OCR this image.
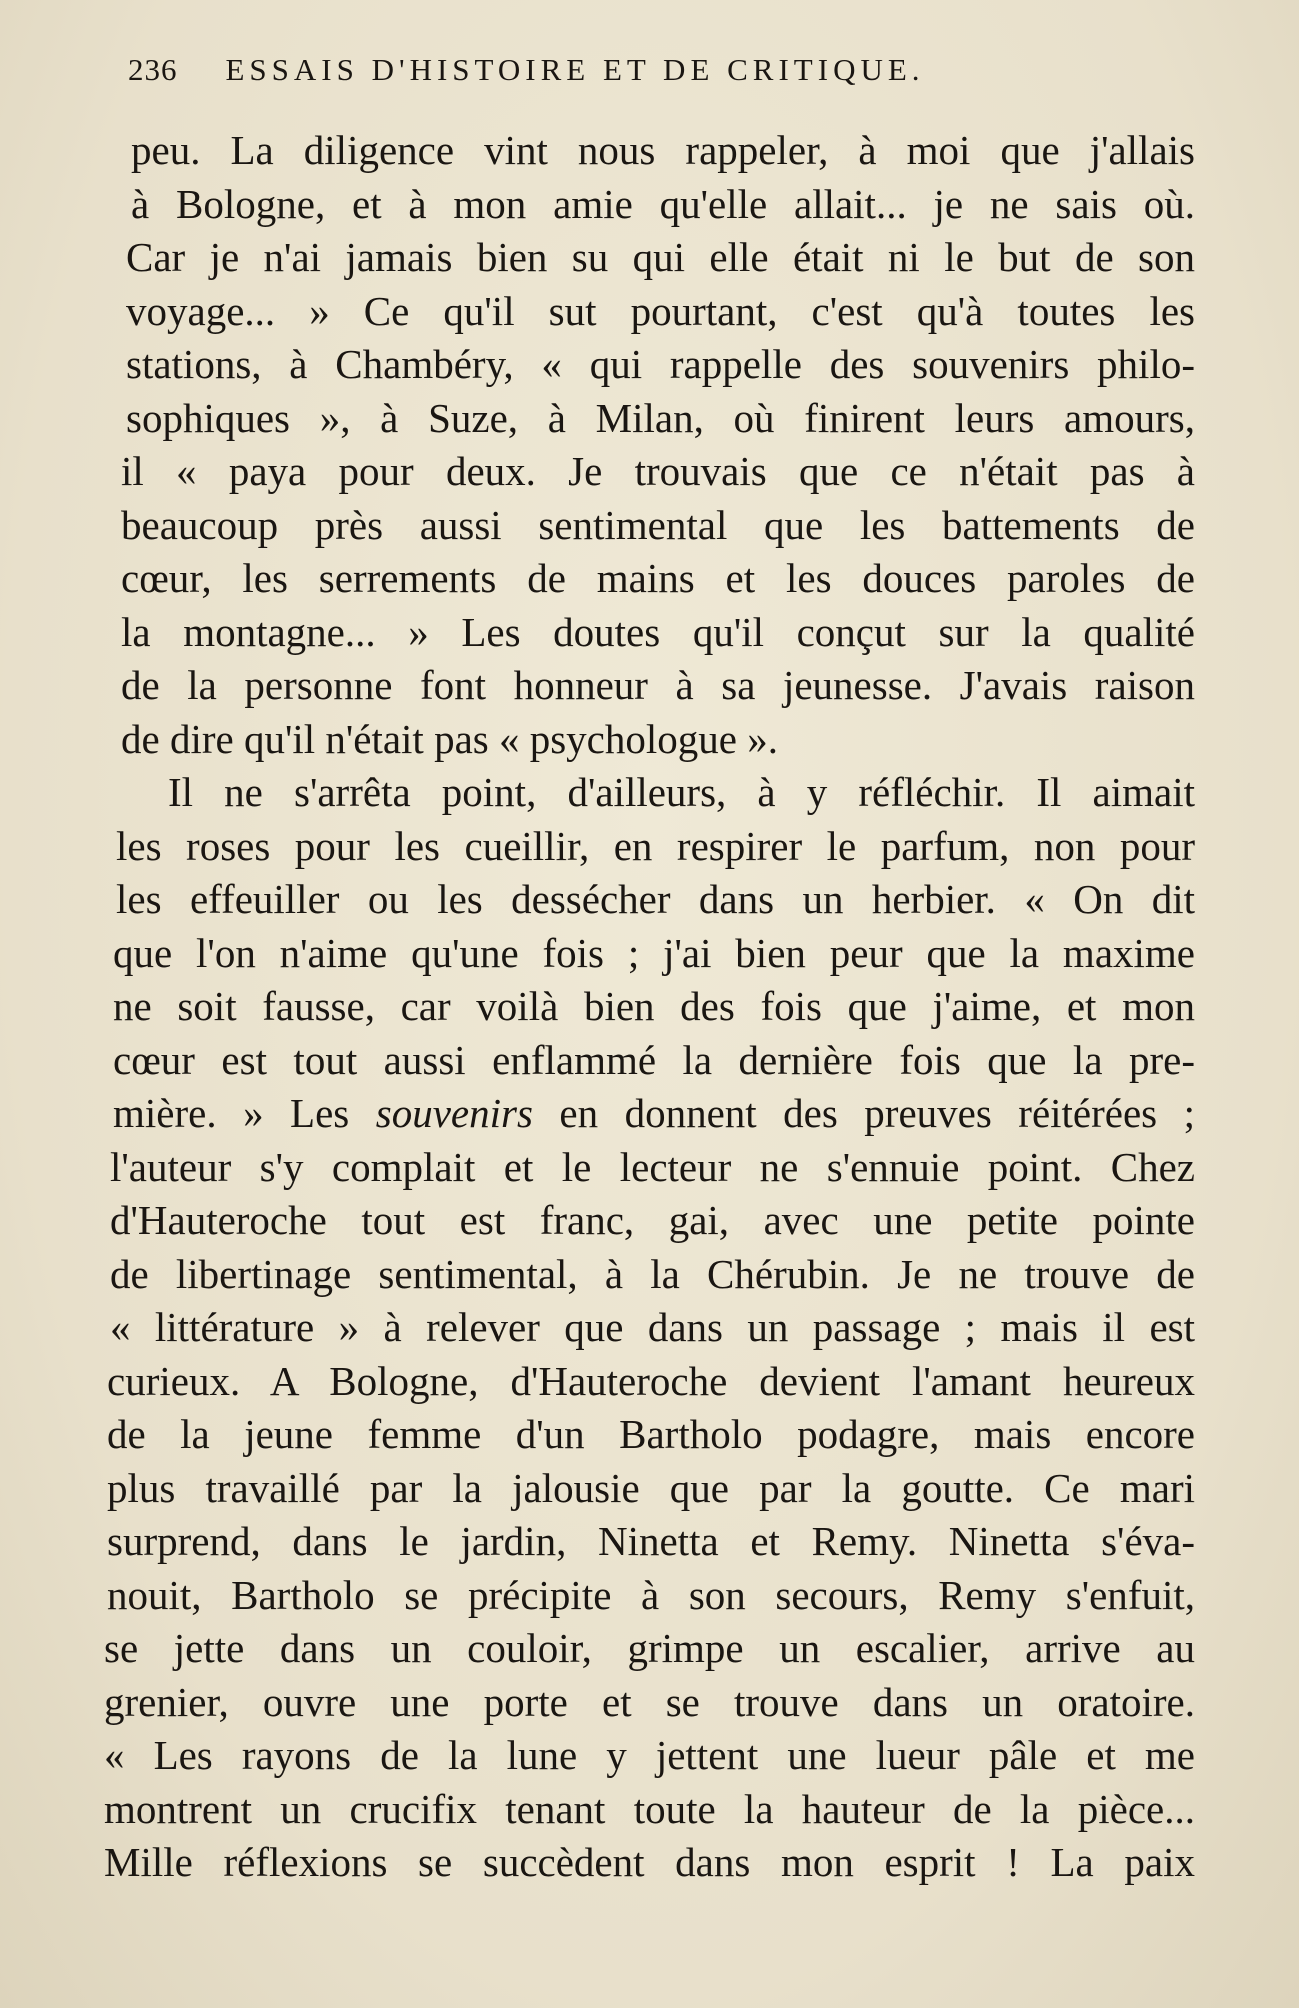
236 ESSAIS D'HISTOIRE ET DE CRITIQUE.
peu. La diligence vint nous rappeler, à moi que j'allais
à Bologne, et à mon amie qu'elle allait... je ne sais où.
Car je n'ai jamais bien su qui elle était ni le but de son
voyage... » Ce qu'il sut pourtant, c'est qu'à toutes les
stations, à Chambéry, « qui rappelle des souvenirs philo-
sophiques », à Suze, à Milan, où finirent leurs amours,
il « paya pour deux. Je trouvais que ce n'était pas à
beaucoup près aussi sentimental que les battements de
cœur, les serrements de mains et les douces paroles de
la montagne... » Les doutes qu'il conçut sur la qualité
de la personne font honneur à sa jeunesse. J'avais raison
de dire qu'il n'était pas « psychologue ».
Il ne s'arrêta point, d'ailleurs, à y réfléchir. Il aimait
les roses pour les cueillir, en respirer le parfum, non pour
les effeuiller ou les dessécher dans un herbier. « On dit
que l'on n'aime qu'une fois ; j'ai bien peur que la maxime
ne soit fausse, car voilà bien des fois que j'aime, et mon
cœur est tout aussi enflammé la dernière fois que la pre-
mière. » Les souvenirs en donnent des preuves réitérées ;
l'auteur s'y complait et le lecteur ne s'ennuie point. Chez
d'Hauteroche tout est franc, gai, avec une petite pointe
de libertinage sentimental, à la Chérubin. Je ne trouve de
« littérature » à relever que dans un passage ; mais il est
curieux. A Bologne, d'Hauteroche devient l'amant heureux
de la jeune femme d'un Bartholo podagre, mais encore
plus travaillé par la jalousie que par la goutte. Ce mari
surprend, dans le jardin, Ninetta et Remy. Ninetta s'éva-
nouit, Bartholo se précipite à son secours, Remy s'enfuit,
se jette dans un couloir, grimpe un escalier, arrive au
grenier, ouvre une porte et se trouve dans un oratoire.
« Les rayons de la lune y jettent une lueur pâle et me
montrent un crucifix tenant toute la hauteur de la pièce...
Mille réflexions se succèdent dans mon esprit ! La paix
